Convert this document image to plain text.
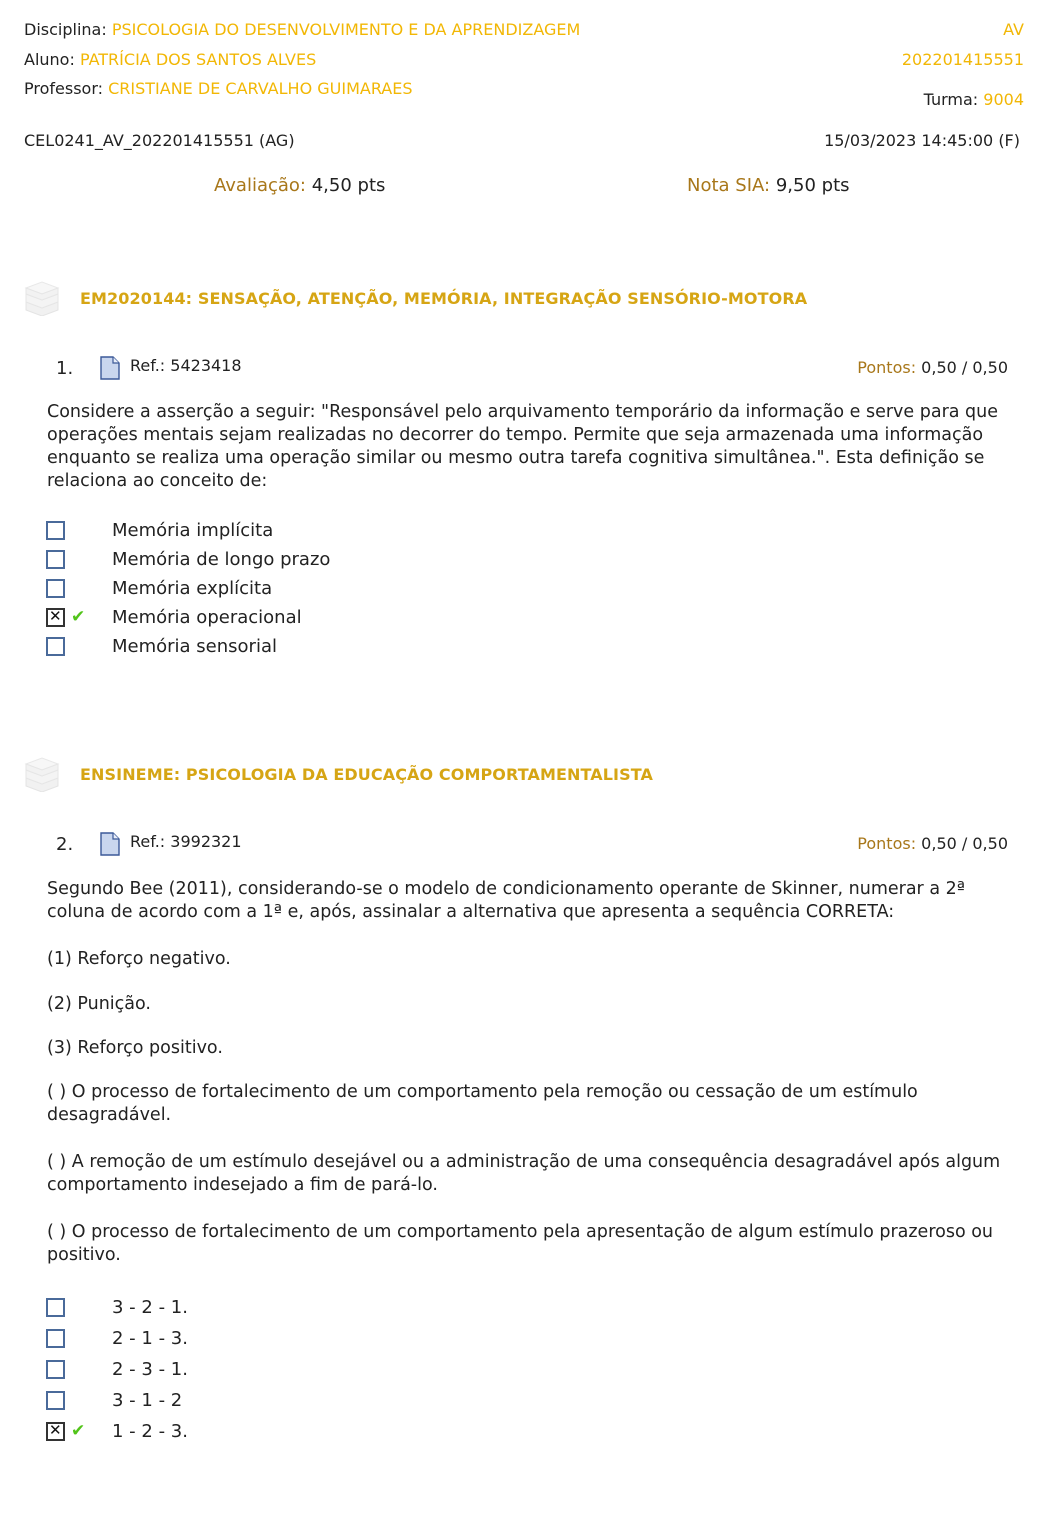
Disciplina: PSICOLOGIA DO DESENVOLVIMENTO E DA APRENDIZAGEM	AV
Aluno: PATRÍCIA DOS SANTOS ALVES	202201415551
Professor: CRISTIANE DE CARVALHO GUIMARAES
Turma: 9004
CEL0241_AV_202201415551 (AG)	15/03/2023 14:45:00 (F)
Avaliação: 4,50 pts	Nota SIA: 9,50 pts
EM2020144: SENSAÇÃO, ATENÇÃO, MEMÓRIA, INTEGRAÇÃO SENSÓRIO-MOTORA
1.	Ref.: 5423418	Pontos: 0,50 / 0,50
Considere a asserção a seguir: "Responsável pelo arquivamento temporário da informação e serve para que operações mentais sejam realizadas no decorrer do tempo. Permite que seja armazenada uma informação enquanto se realiza uma operação similar ou mesmo outra tarefa cognitiva simultânea.". Esta definição se relaciona ao conceito de:
Memória implícita
Memória de longo prazo
Memória explícita
✕
✔	Memória operacional
Memória sensorial
ENSINEME: PSICOLOGIA DA EDUCAÇÃO COMPORTAMENTALISTA
2.	Ref.: 3992321	Pontos: 0,50 / 0,50
Segundo Bee (2011), considerando-se o modelo de condicionamento operante de Skinner, numerar a 2ª coluna de acordo com a 1ª e, após, assinalar a alternativa que apresenta a sequência CORRETA:
(1) Reforço negativo.
(2) Punição.
(3) Reforço positivo.
( ) O processo de fortalecimento de um comportamento pela remoção ou cessação de um estímulo desagradável.
( ) A remoção de um estímulo desejável ou a administração de uma consequência desagradável após algum comportamento indesejado a fim de pará-lo.
( ) O processo de fortalecimento de um comportamento pela apresentação de algum estímulo prazeroso ou positivo.
3 - 2 - 1.
2 - 1 - 3.
2 - 3 - 1.
3 - 1 - 2
✕
✔	1 - 2 - 3.
